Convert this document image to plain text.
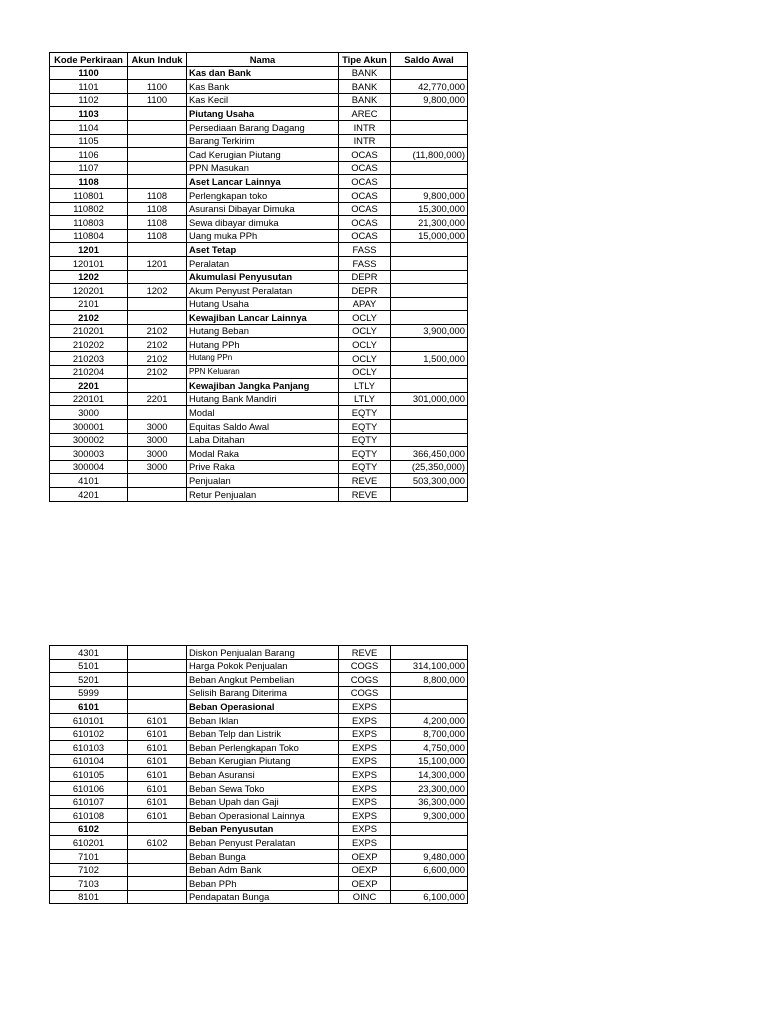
Kode Perkiraan	Akun Induk	Nama	Tipe Akun	Saldo Awal
1100		Kas dan Bank	BANK	
1101	1100	Kas Bank	BANK	42,770,000
1102	1100	Kas Kecil	BANK	9,800,000
1103		Piutang Usaha	AREC	
1104		Persediaan Barang Dagang	INTR	
1105		Barang Terkirim	INTR	
1106		Cad Kerugian Piutang	OCAS	(11,800,000)
1107		PPN Masukan	OCAS	
1108		Aset Lancar Lainnya	OCAS	
110801	1108	Perlengkapan toko	OCAS	9,800,000
110802	1108	Asuransi Dibayar Dimuka	OCAS	15,300,000
110803	1108	Sewa dibayar dimuka	OCAS	21,300,000
110804	1108	Uang muka PPh	OCAS	15,000,000
1201		Aset Tetap	FASS	
120101	1201	Peralatan	FASS	
1202		Akumulasi Penyusutan	DEPR	
120201	1202	Akum Penyust Peralatan	DEPR	
2101		Hutang Usaha	APAY	
2102		Kewajiban Lancar Lainnya	OCLY	
210201	2102	Hutang Beban	OCLY	3,900,000
210202	2102	Hutang PPh	OCLY	
210203	2102	Hutang PPn	OCLY	1,500,000
210204	2102	PPN Keluaran	OCLY	
2201		Kewajiban Jangka Panjang	LTLY	
220101	2201	Hutang Bank Mandiri	LTLY	301,000,000
3000		Modal	EQTY	
300001	3000	Equitas Saldo Awal	EQTY	
300002	3000	Laba Ditahan	EQTY	
300003	3000	Modal Raka	EQTY	366,450,000
300004	3000	Prive Raka	EQTY	(25,350,000)
4101		Penjualan	REVE	503,300,000
4201		Retur Penjualan	REVE	
4301		Diskon Penjualan Barang	REVE	
5101		Harga Pokok Penjualan	COGS	314,100,000
5201		Beban Angkut Pembelian	COGS	8,800,000
5999		Selisih Barang Diterima	COGS	
6101		Beban Operasional	EXPS	
610101	6101	Beban Iklan	EXPS	4,200,000
610102	6101	Beban Telp dan Listrik	EXPS	8,700,000
610103	6101	Beban Perlengkapan Toko	EXPS	4,750,000
610104	6101	Beban Kerugian Piutang	EXPS	15,100,000
610105	6101	Beban Asuransi	EXPS	14,300,000
610106	6101	Beban Sewa Toko	EXPS	23,300,000
610107	6101	Beban Upah dan Gaji	EXPS	36,300,000
610108	6101	Beban Operasional Lainnya	EXPS	9,300,000
6102		Beban Penyusutan	EXPS	
610201	6102	Beban Penyust Peralatan	EXPS	
7101		Beban Bunga	OEXP	9,480,000
7102		Beban Adm Bank	OEXP	6,600,000
7103		Beban PPh	OEXP	
8101		Pendapatan Bunga	OINC	6,100,000
